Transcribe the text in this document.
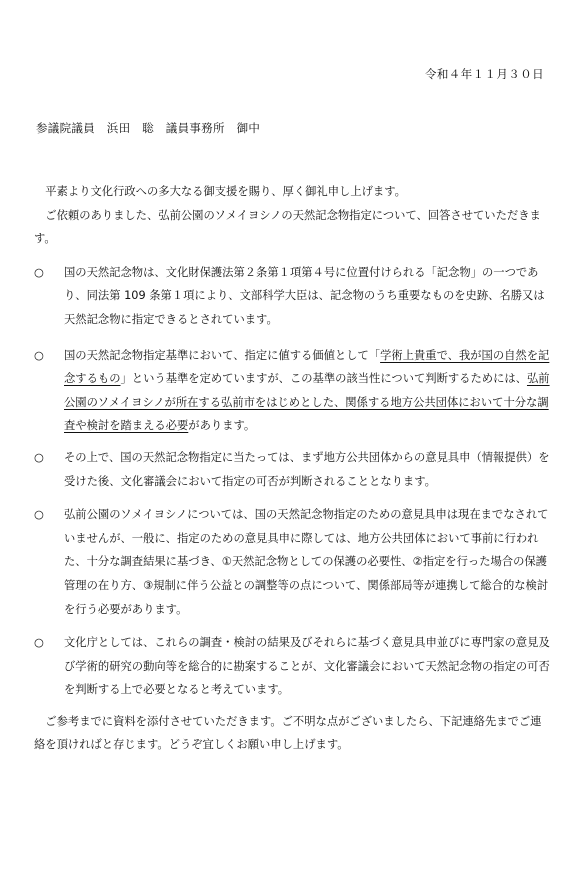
令和４年１１月３０日
参議院議員　浜田　聡　議員事務所　御中

平素より文化行政への多大なる御支援を賜り、厚く御礼申し上げます。

ご依頼のありました、弘前公園のソメイヨシノの天然記念物指定について、回答させていただきます。

○	国の天然記念物は、文化財保護法第２条第１項第４号に位置付けられる「記念物」の一つであり、同法第 109 条第１項により、文部科学大臣は、記念物のうち重要なものを史跡、名勝又は天然記念物に指定できるとされています。
○	国の天然記念物指定基準において、指定に値する価値として「学術上貴重で、我が国の自然を記念するもの」という基準を定めていますが、この基準の該当性について判断するためには、弘前公園のソメイヨシノが所在する弘前市をはじめとした、関係する地方公共団体において十分な調査や検討を踏まえる必要があります。
○	その上で、国の天然記念物指定に当たっては、まず地方公共団体からの意見具申（情報提供）を受けた後、文化審議会において指定の可否が判断されることとなります。
○	弘前公園のソメイヨシノについては、国の天然記念物指定のための意見具申は現在までなされていませんが、一般に、指定のための意見具申に際しては、地方公共団体において事前に行われた、十分な調査結果に基づき、①天然記念物としての保護の必要性、②指定を行った場合の保護管理の在り方、③規制に伴う公益との調整等の点について、関係部局等が連携して総合的な検討を行う必要があります。
○	文化庁としては、これらの調査・検討の結果及びそれらに基づく意見具申並びに専門家の意見及び学術的研究の動向等を総合的に勘案することが、文化審議会において天然記念物の指定の可否を判断する上で必要となると考えています。

ご参考までに資料を添付させていただきます。ご不明な点がございましたら、下記連絡先までご連絡を頂ければと存じます。どうぞ宜しくお願い申し上げます。
